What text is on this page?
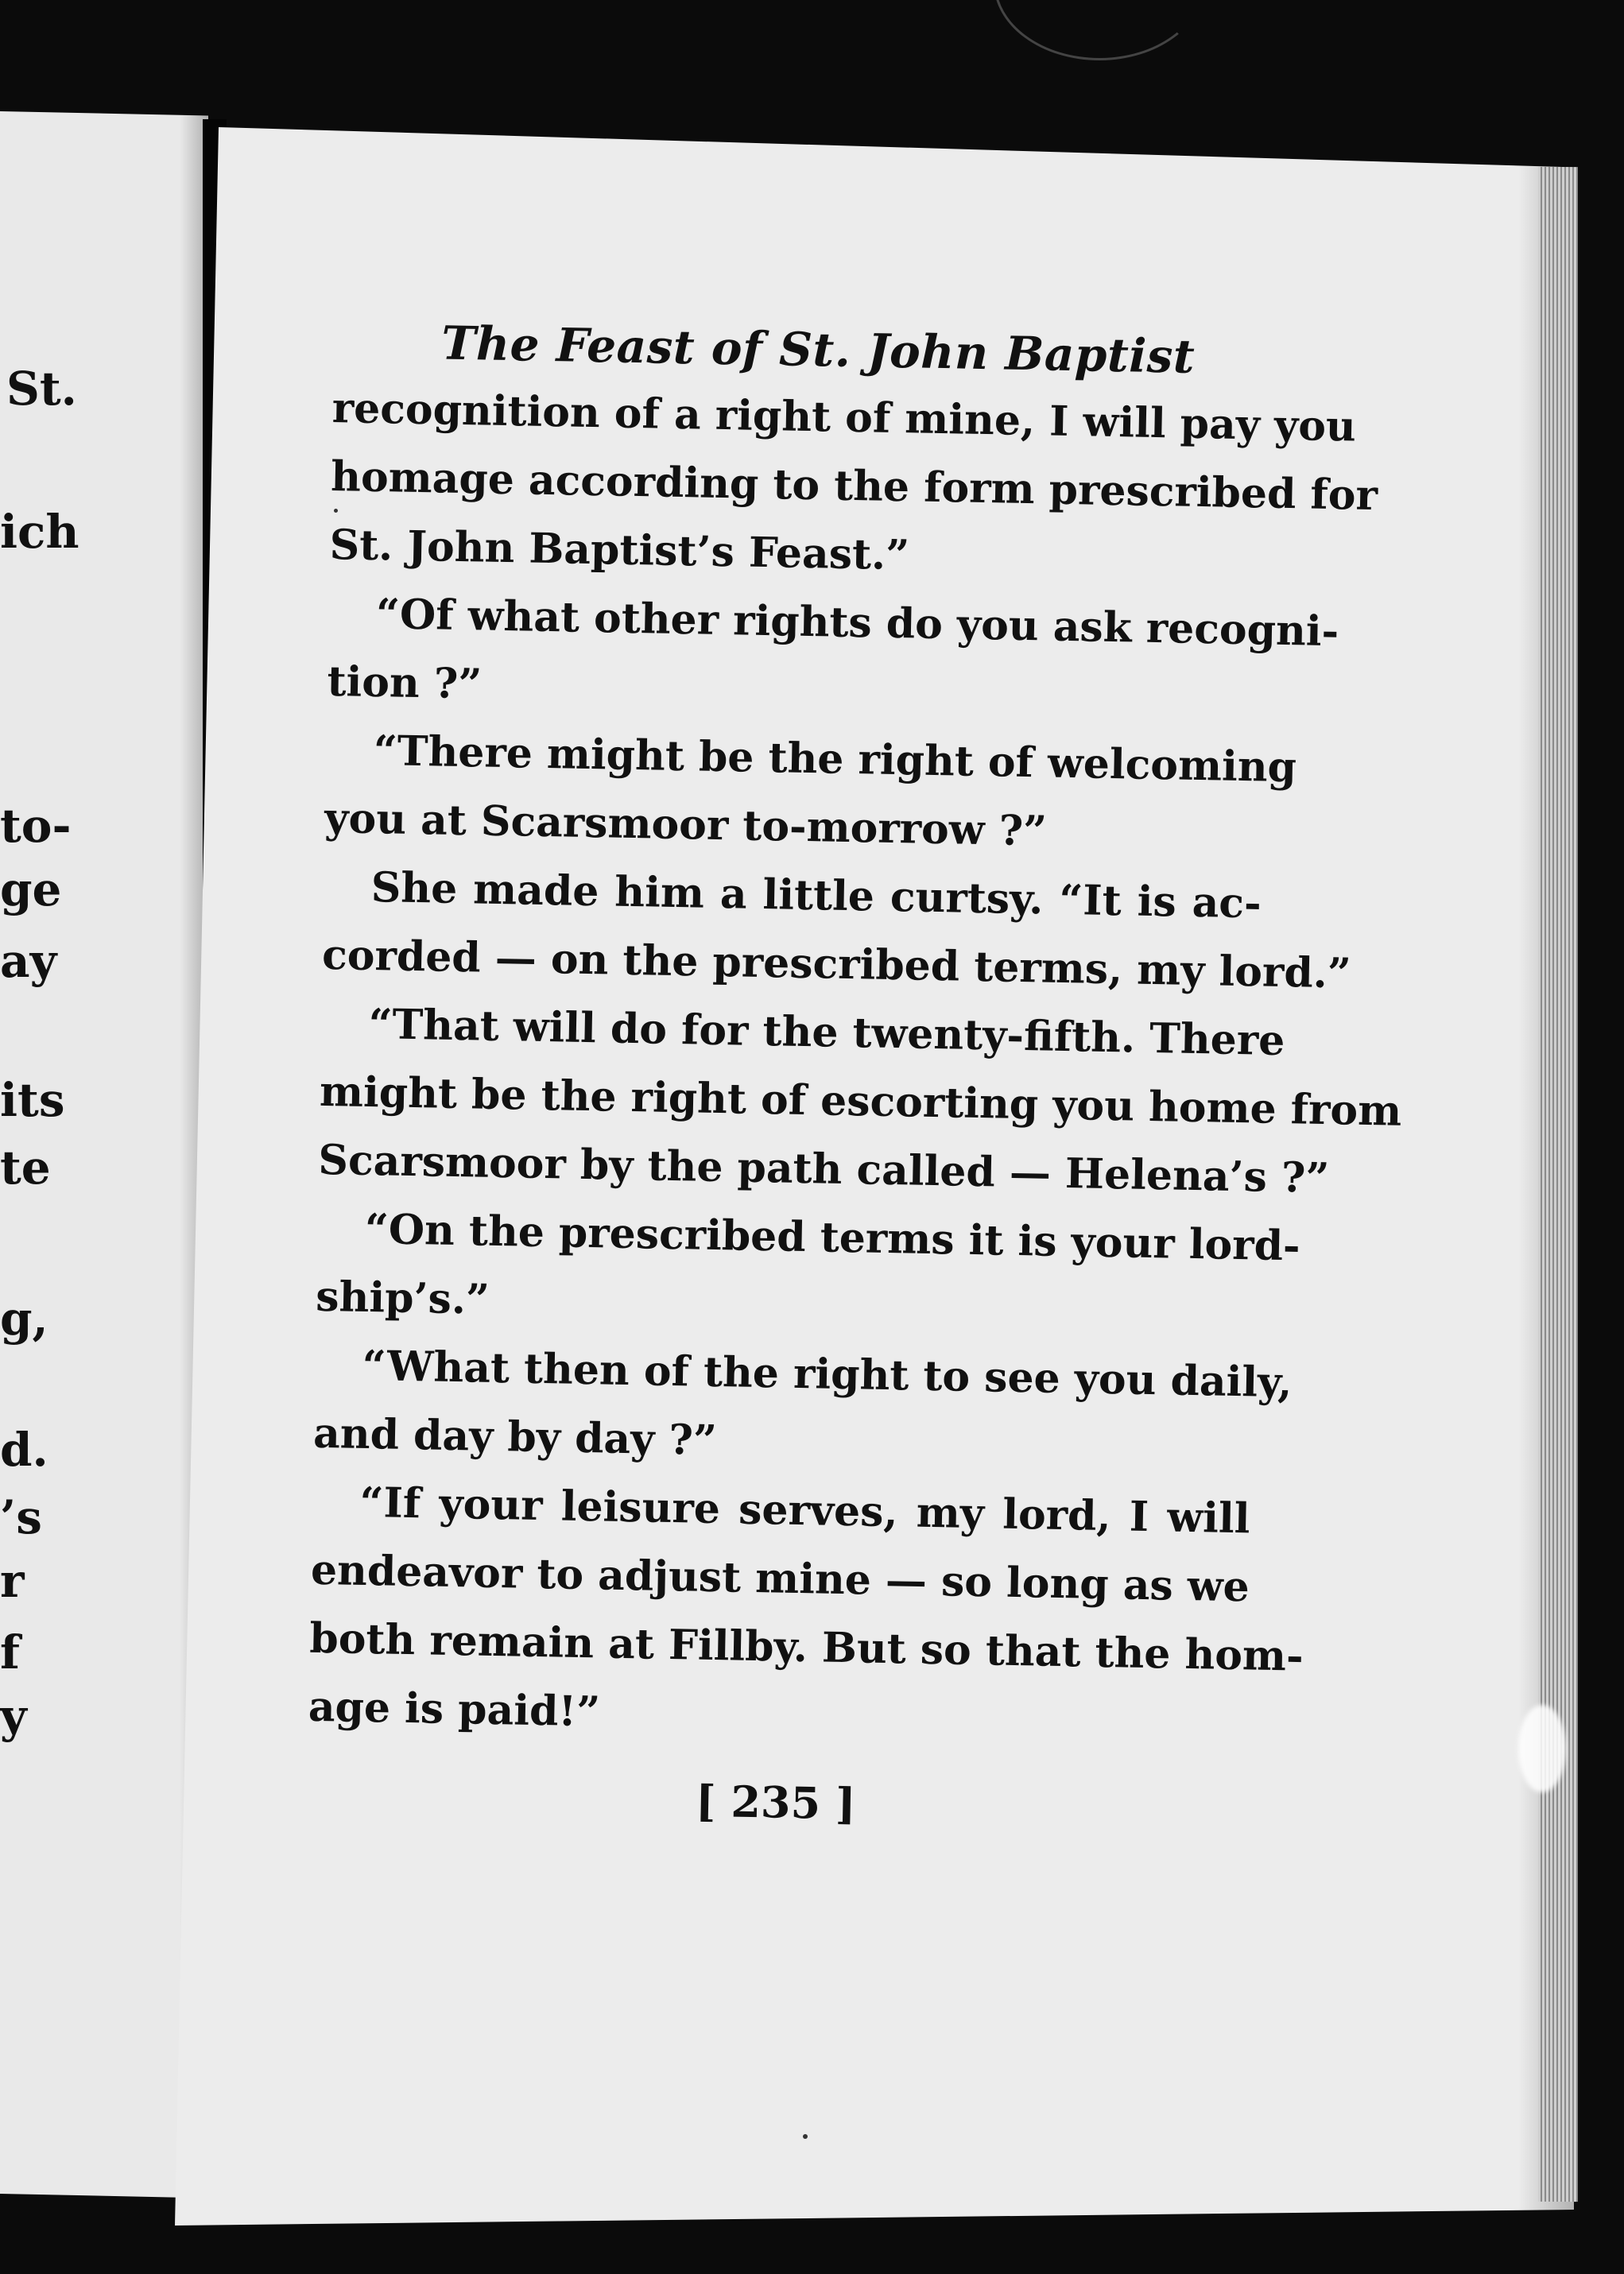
St.
ich
to-
ge
ay
its
te
g,
d.
’s
r
f
y
The Feast of St. John Baptist
recognition of a right of mine, I will pay you
homage according to the form prescribed for
St. John Baptist’s Feast.”
“Of what other rights do you ask recogni-
tion ?”
“There might be the right of welcoming
you at Scarsmoor to-morrow ?”
She made him a little curtsy. “It is ac-
corded — on the prescribed terms, my lord.”
“That will do for the twenty-fifth. There
might be the right of escorting you home from
Scarsmoor by the path called — Helena’s ?”
“On the prescribed terms it is your lord-
ship’s.”
“What then of the right to see you daily,
and day by day ?”
“If your leisure serves, my lord, I will
endeavor to adjust mine — so long as we
both remain at Fillby. But so that the hom-
age is paid!”
[ 235 ]
